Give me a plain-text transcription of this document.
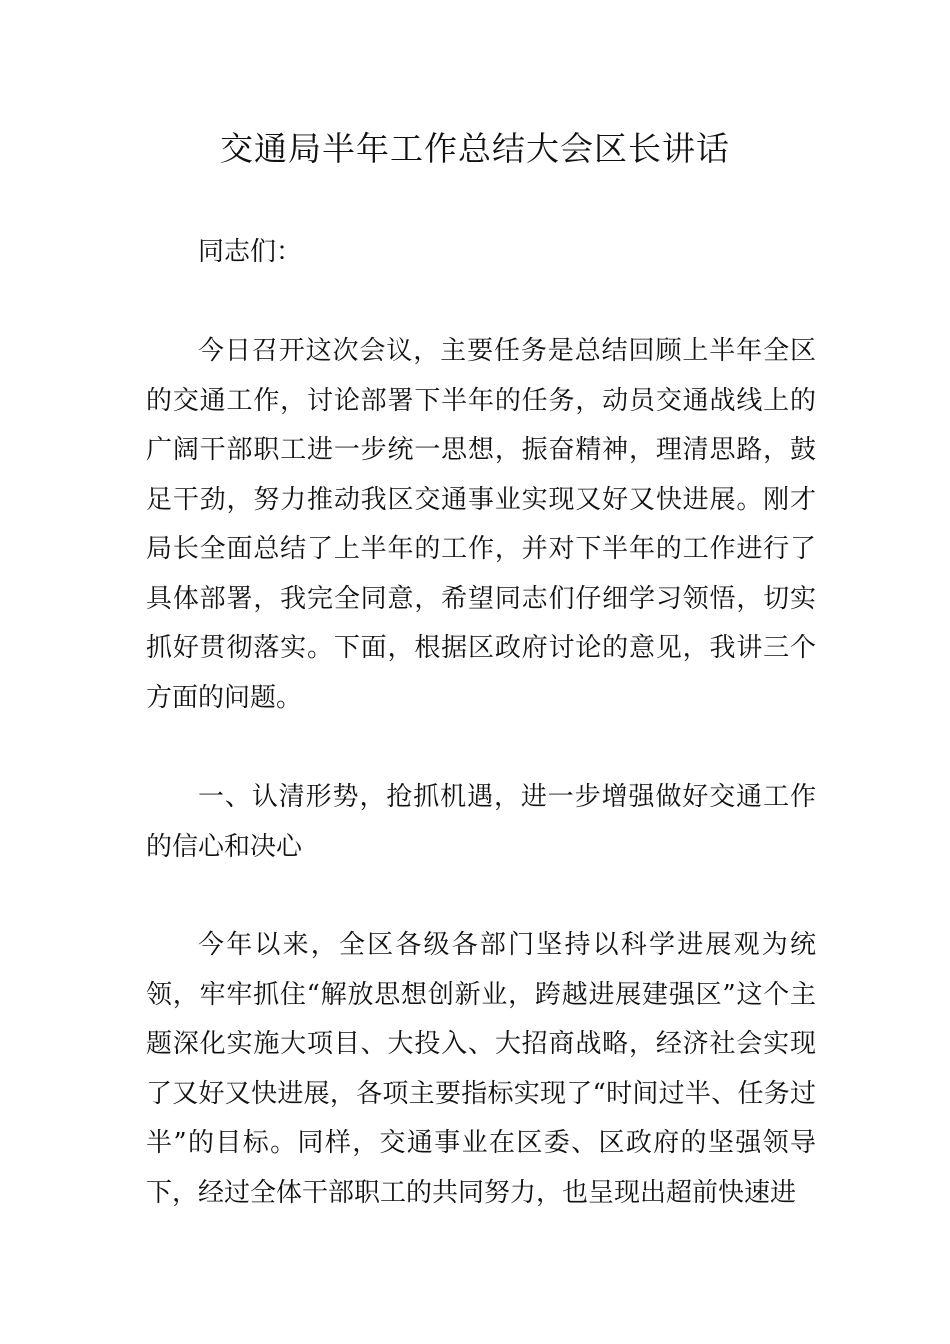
交通局半年工作总结大会区长讲话

同志们：

今日召开这次会议，主要任务是总结回顾上半年全区的交通工作，讨论部署下半年的任务，动员交通战线上的广阔干部职工进一步统一思想，振奋精神，理清思路，鼓足干劲，努力推动我区交通事业实现又好又快进展。刚才局长全面总结了上半年的工作，并对下半年的工作进行了具体部署，我完全同意，希望同志们仔细学习领悟，切实抓好贯彻落实。下面，根据区政府讨论的意见，我讲三个方面的问题。

一、认清形势，抢抓机遇，进一步增强做好交通工作的信心和决心

今年以来，全区各级各部门坚持以科学进展观为统领，牢牢抓住“解放思想创新业，跨越进展建强区”这个主题深化实施大项目、大投入、大招商战略，经济社会实现了又好又快进展，各项主要指标实现了“时间过半、任务过半”的目标。同样，交通事业在区委、区政府的坚强领导下，经过全体干部职工的共同努力，也呈现出超前快速进
